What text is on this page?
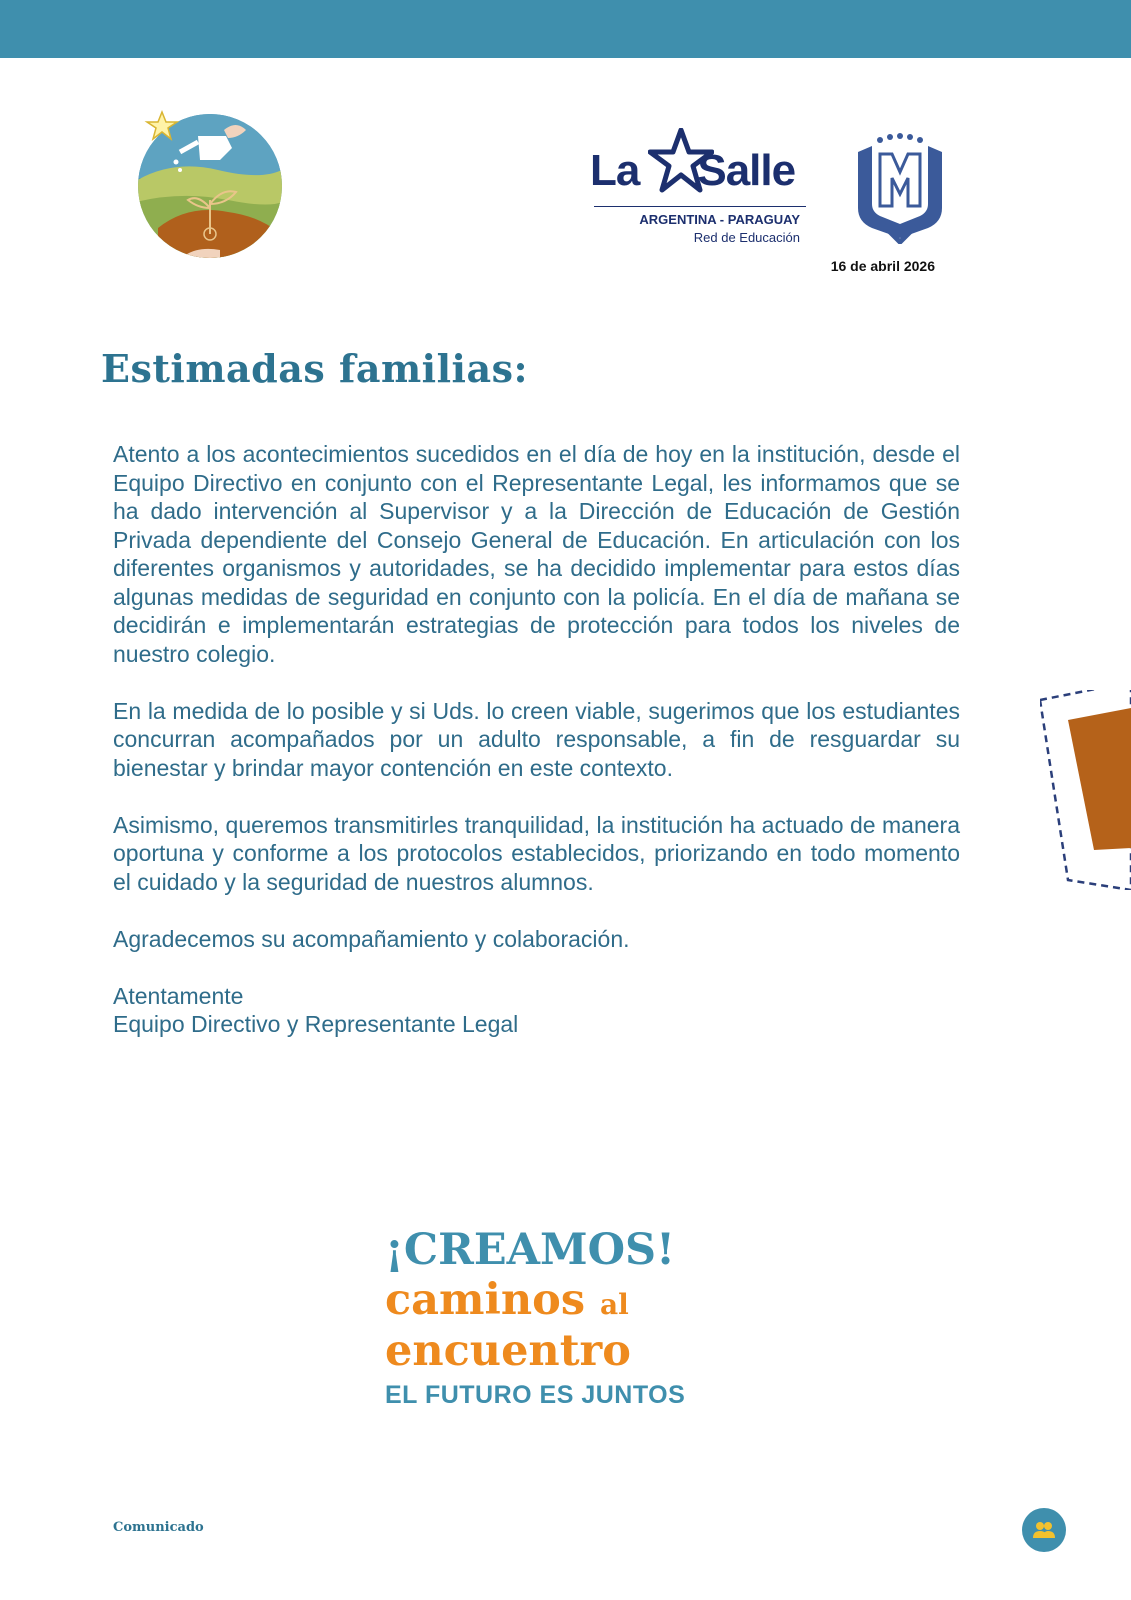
La Salle
ARGENTINA - PARAGUAY
Red de Educación
16 de abril 2026
Estimadas familias:

Atento a los acontecimientos sucedidos en el día de hoy en la institución, desde el Equipo Directivo en conjunto con el Representante Legal, les informamos que se ha dado intervención al Supervisor y a la Dirección de Educación de Gestión Privada dependiente del Consejo General de Educación. En articulación con los diferentes organismos y autoridades, se ha decidido implementar para estos días algunas medidas de seguridad en conjunto con la policía. En el día de mañana se decidirán e implementarán estrategias de protección para todos los niveles de nuestro colegio.

En la medida de lo posible y si Uds. lo creen viable, sugerimos que los estudiantes concurran acompañados por un adulto responsable, a fin de resguardar su bienestar y brindar mayor contención en este contexto.

Asimismo, queremos transmitirles tranquilidad, la institución ha actuado de manera oportuna y conforme a los protocolos establecidos, priorizando en todo momento el cuidado y la seguridad de nuestros alumnos.

Agradecemos su acompañamiento y colaboración.

Atentamente
Equipo Directivo y Representante Legal
¡CREAMOS!
caminos al
encuentro
EL FUTURO ES JUNTOS
Comunicado
